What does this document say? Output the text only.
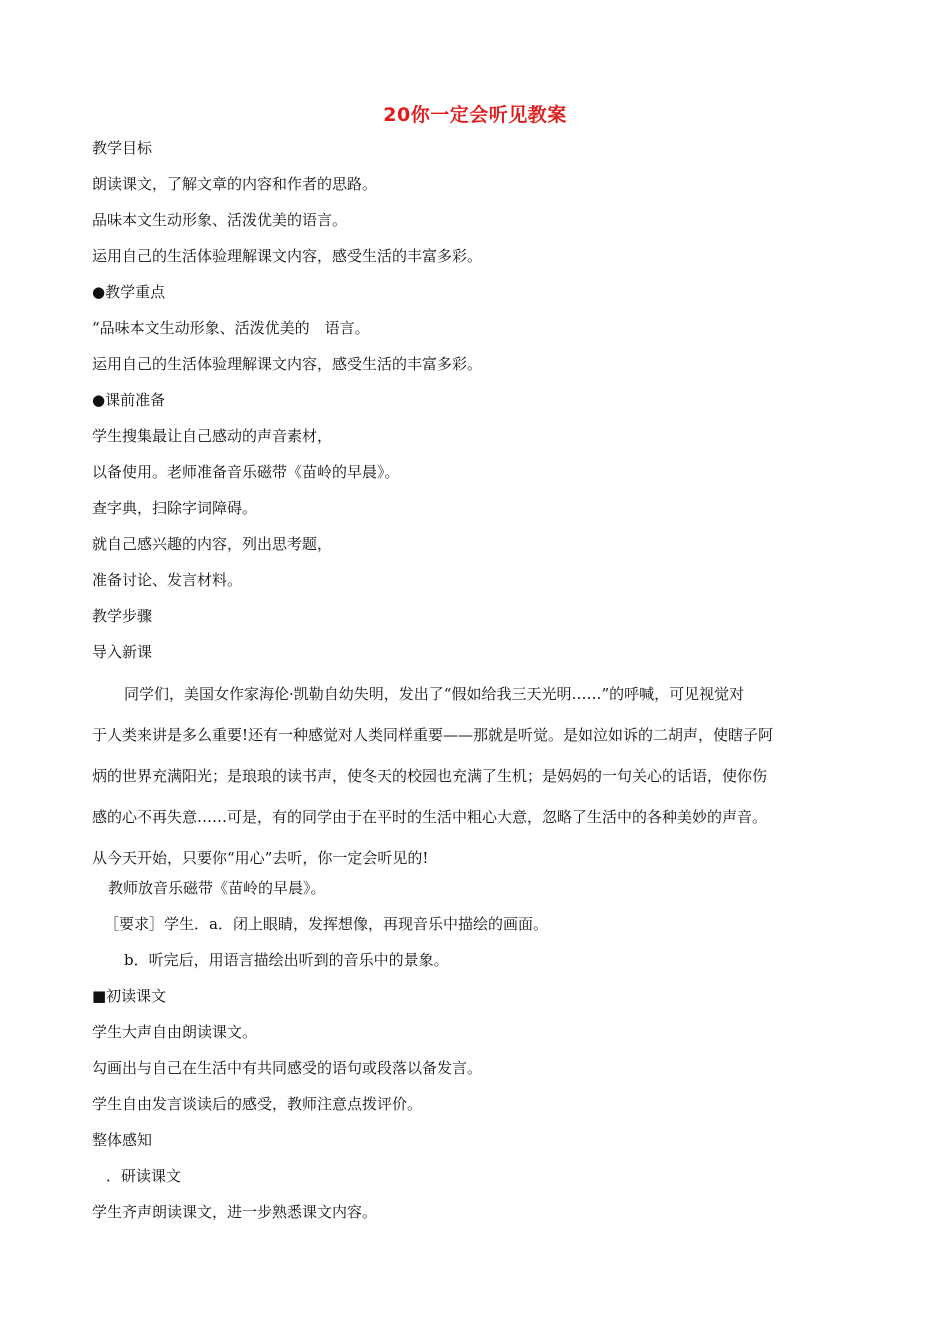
20你一定会听见教案
教学目标
朗读课文，了解文章的内容和作者的思路。
品味本文生动形象、活泼优美的语言。
运用自己的生活体验理解课文内容，感受生活的丰富多彩。
●教学重点
“品味本文生动形象、活泼优美的　语言。
运用自己的生活体验理解课文内容，感受生活的丰富多彩。
●课前准备
学生搜集最让自己感动的声音素材，
以备使用。老师准备音乐磁带《苗岭的早晨》。
查字典，扫除字词障碍。
就自己感兴趣的内容，列出思考题，
准备讨论、发言材料。
教学步骤
导入新课
同学们，美国女作家海伦·凯勒自幼失明，发出了“假如给我三天光明……”的呼喊，可见视觉对
于人类来讲是多么重要!还有一种感觉对人类同样重要——那就是听觉。是如泣如诉的二胡声，使瞎子阿
炳的世界充满阳光；是琅琅的读书声，使冬天的校园也充满了生机；是妈妈的一句关心的话语，使你伤
感的心不再失意……可是，有的同学由于在平时的生活中粗心大意，忽略了生活中的各种美妙的声音。
从今天开始，只要你“用心”去听，你一定会听见的!
教师放音乐磁带《苗岭的早晨》。
［要求］学生．a．闭上眼睛，发挥想像，再现音乐中描绘的画面。
b．听完后，用语言描绘出听到的音乐中的景象。
■初读课文
学生大声自由朗读课文。
勾画出与自己在生活中有共同感受的语句或段落以备发言。
学生自由发言谈读后的感受，教师注意点拨评价。
整体感知
．研读课文
学生齐声朗读课文，进一步熟悉课文内容。
